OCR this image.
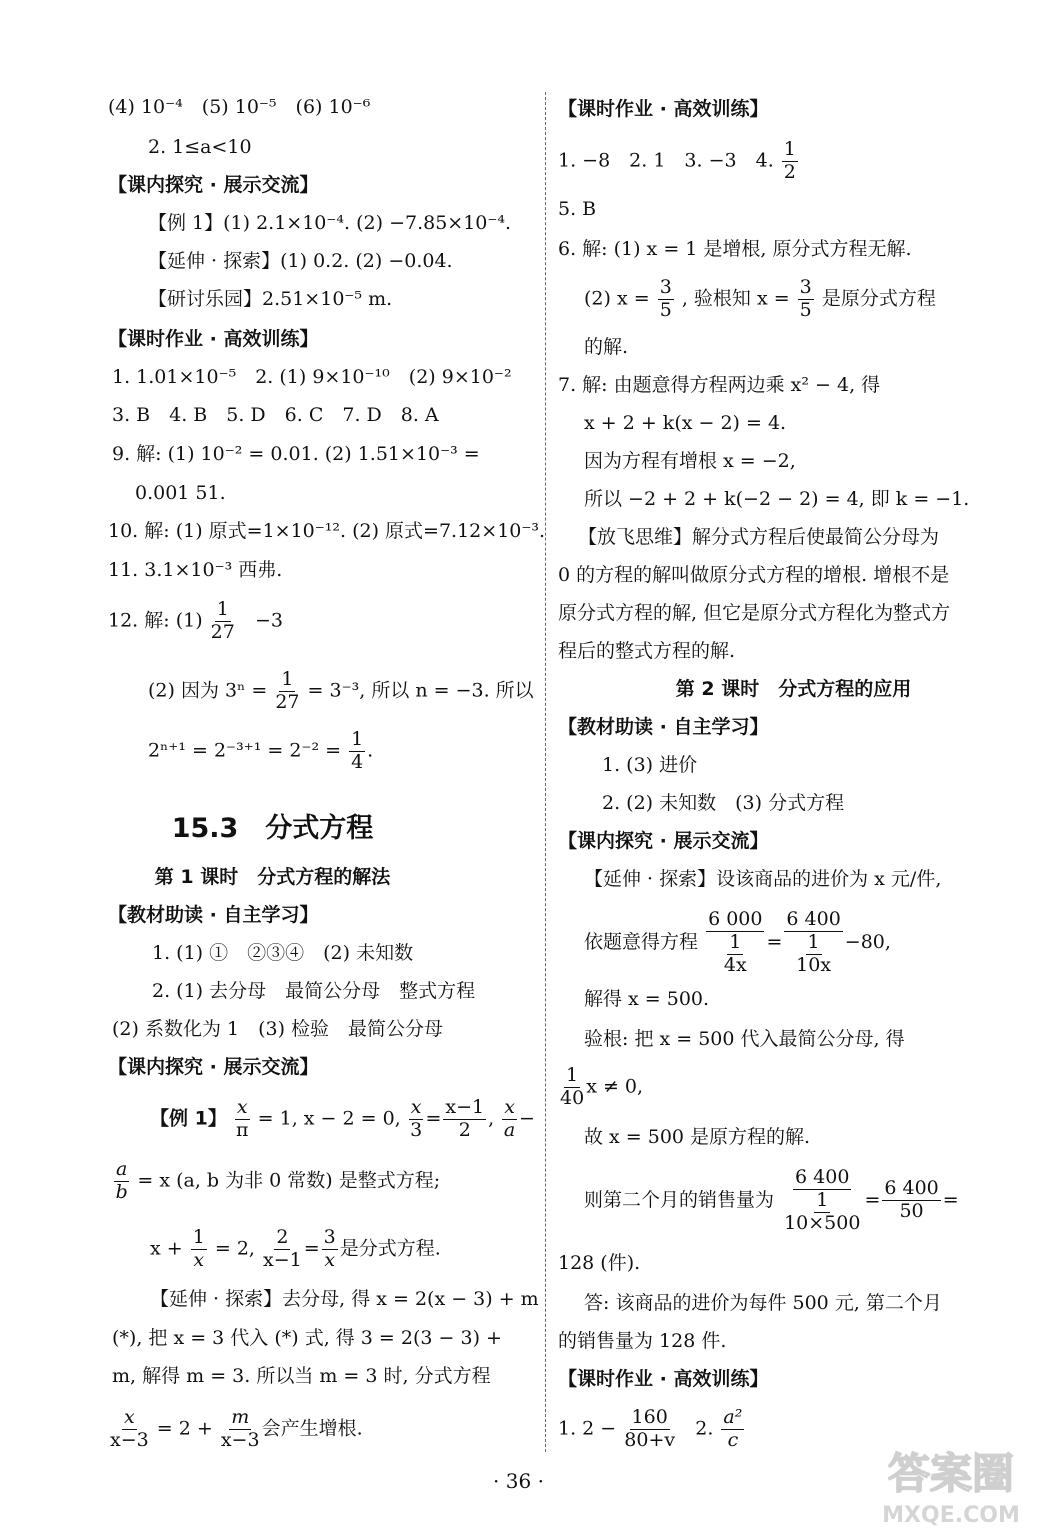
(4) 10⁻⁴　(5) 10⁻⁵　(6) 10⁻⁶
2. 1≤a<10
【课内探究 · 展示交流】
【例 1】(1) 2.1×10⁻⁴. (2) −7.85×10⁻⁴.
【延伸 · 探索】(1) 0.2. (2) −0.04.
【研讨乐园】2.51×10⁻⁵ m.
【课时作业 · 高效训练】
1. 1.01×10⁻⁵　2. (1) 9×10⁻¹⁰　(2) 9×10⁻²
3. B　4. B　5. D　6. C　7. D　8. A
9. 解: (1) 10⁻² = 0.01. (2) 1.51×10⁻³ =
0.001 51.
10. 解: (1) 原式=1×10⁻¹². (2) 原式=7.12×10⁻³.
11. 3.1×10⁻³ 西弗.
12. 解: $(1) \frac{1}{27} -3$
(2) 因为 $3^n = \frac{1}{27} = 3^{-3}$, 所以 n = −3. 所以
$2^{n+1} = 2^{-3+1} = 2^{-2} = \frac{1}{4}$ .
15.3　分式方程
第 1 课时　分式方程的解法
【教材助读 · 自主学习】
1. (1) ①　②③④　(2) 未知数
2. (1) 去分母　最简公分母　整式方程
(2) 系数化为 1　(3) 检验　最简公分母
【课内探究 · 展示交流】
【例 1】 $\frac{x}{\pi} = 1$, x − 2 = 0, $\frac{x}{3} = \frac{x-1}{2}$ , $\frac{x}{a}$ −
$\frac{a}{b} = x$ (a, b 为非 0 常数) 是整式方程;
$x + \frac{1}{x} = 2$, $\frac{2}{x-1} = \frac{3}{x}$ 是分式方程.
【延伸 · 探索】去分母, 得 x = 2(x − 3) + m
(*), 把 x = 3 代入 (*) 式, 得 3 = 2(3 − 3) +
m, 解得 m = 3. 所以当 m = 3 时, 分式方程
$\frac{x}{x-3} = 2 + \frac{m}{x-3}$ 会产生增根.
【课时作业 · 高效训练】
1. −8　2. 1　3. −3　4. $\frac{1}{2}$
5. B
6. 解: (1) x = 1 是增根, 原分式方程无解.
(2) $x = \frac{3}{5}$ , 验根知 $x = \frac{3}{5}$ 是原分式方程
的解.
7. 解: 由题意得方程两边乘 x² − 4, 得
x + 2 + k(x − 2) = 4.
因为方程有增根 x = −2,
所以 −2 + 2 + k(−2 − 2) = 4, 即 k = −1.
【放飞思维】解分式方程后使最简公分母为
0 的方程的解叫做原分式方程的增根. 增根不是
原分式方程的解, 但它是原分式方程化为整式方
程后的整式方程的解.
第 2 课时　分式方程的应用
【教材助读 · 自主学习】
1. (3) 进价
2. (2) 未知数　(3) 分式方程
【课内探究 · 展示交流】
【延伸 · 探索】设该商品的进价为 x 元/件,
依题意得方程 $\frac{6 000}{\frac{1}{4x}} = \frac{6 400}{\frac{1}{10x}} -80$,
解得 x = 500.
验根: 把 x = 500 代入最简公分母, 得
$\frac{1}{40}$ x ≠ 0,
故 x = 500 是原方程的解.
则第二个月的销售量为 $\frac{6 400}{\frac{1}{10\times 500}} = \frac{6 400}{50}$ =
128 (件).
答: 该商品的进价为每件 500 元, 第二个月
的销售量为 128 件.
【课时作业 · 高效训练】
1. $2 - \frac{160}{80+v} 2$. $\frac{\text{a²}}{c}$
· 36 ·	答案圈
MXQE.COM
